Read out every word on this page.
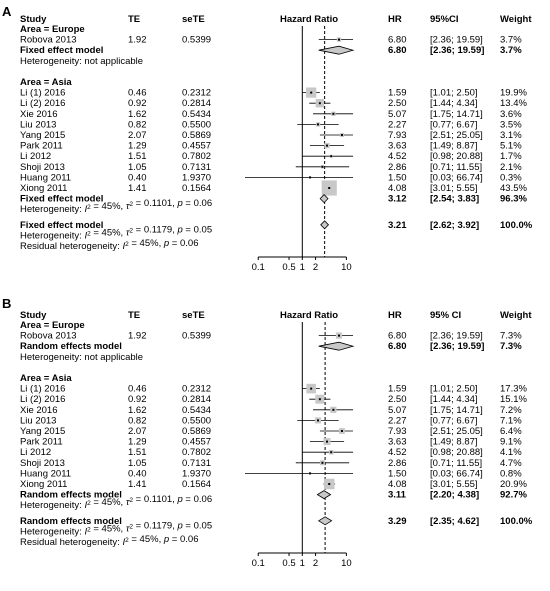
A
Study	TE	seTE	Hazard Ratio	HR	95%CI	Weight
0.1 0.5 1 2 10
Area = Europe
Robova 2013	1.92	0.5399	6.80 [2.36; 19.59] 3.7%
Fixed effect model	6.80 [2.36; 19.59] 3.7%
Heterogeneity: not applicable
Area = Asia
Li (1) 2016	0.46	0.2312	1.59 [1.01; 2.50] 19.9%
Li (2) 2016	0.92	0.2814	2.50 [1.44; 4.34] 13.4%
Xie 2016	1.62	0.5434	5.07 [1.75; 14.71] 3.6%
Liu 2013	0.82	0.5500	2.27 [0.77; 6.67] 3.5%
Yang 2015	2.07	0.5869	7.93 [2.51; 25.05] 3.1%
Park 2011	1.29	0.4557	3.63 [1.49; 8.87] 5.1%
Li 2012	1.51	0.7802	4.52 [0.98; 20.88] 1.7%
Shoji 2013	1.05	0.7131	2.86 [0.71; 11.55] 2.1%
Huang 2011	0.40	1.9370	1.50 [0.03; 66.74] 0.3%
Xiong 2011	1.41	0.1564	4.08 [3.01; 5.55] 43.5%
Fixed effect model	3.12 [2.54; 3.83] 96.3%
Heterogeneity: $I^2 = 45\%$, $\tau^2 = 0.1101$, p = 0.06
Fixed effect model	3.21 [2.62; 3.92] 100.0%
Heterogeneity: $I^2 = 45\%$, $\tau^2 = 0.1179$, p = 0.05
Residual heterogeneity: $I^2 = 45\%$, p = 0.06
B
Study	TE	seTE	Hazard Ratio	HR	95% CI	Weight
0.1 0.5 1 2 10
Area = Europe
Robova 2013	1.92	0.5399	6.80 [2.36; 19.59] 7.3%
Random effects model	6.80 [2.36; 19.59] 7.3%
Heterogeneity: not applicable
Area = Asia
Li (1) 2016	0.46	0.2312	1.59 [1.01; 2.50] 17.3%
Li (2) 2016	0.92	0.2814	2.50 [1.44; 4.34] 15.1%
Xie 2016	1.62	0.5434	5.07 [1.75; 14.71] 7.2%
Liu 2013	0.82	0.5500	2.27 [0.77; 6.67] 7.1%
Yang 2015	2.07	0.5869	7.93 [2.51; 25.05] 6.4%
Park 2011	1.29	0.4557	3.63 [1.49; 8.87] 9.1%
Li 2012	1.51	0.7802	4.52 [0.98; 20.88] 4.1%
Shoji 2013	1.05	0.7131	2.86 [0.71; 11.55] 4.7%
Huang 2011	0.40	1.9370	1.50 [0.03; 66.74] 0.8%
Xiong 2011	1.41	0.1564	4.08 [3.01; 5.55] 20.9%
Random effects model	3.11	[2.20; 4.38] 92.7%
Heterogeneity: $I^2 = 45\%$, $\tau^2 = 0.1101$, p = 0.06
Random effects model	3.29 [2.35; 4.62] 100.0%
Heterogeneity: $I^2 = 45\%$, $\tau^2 = 0.1179$, p = 0.05
Residual heterogeneity: $I^2 = 45\%$, p = 0.06
